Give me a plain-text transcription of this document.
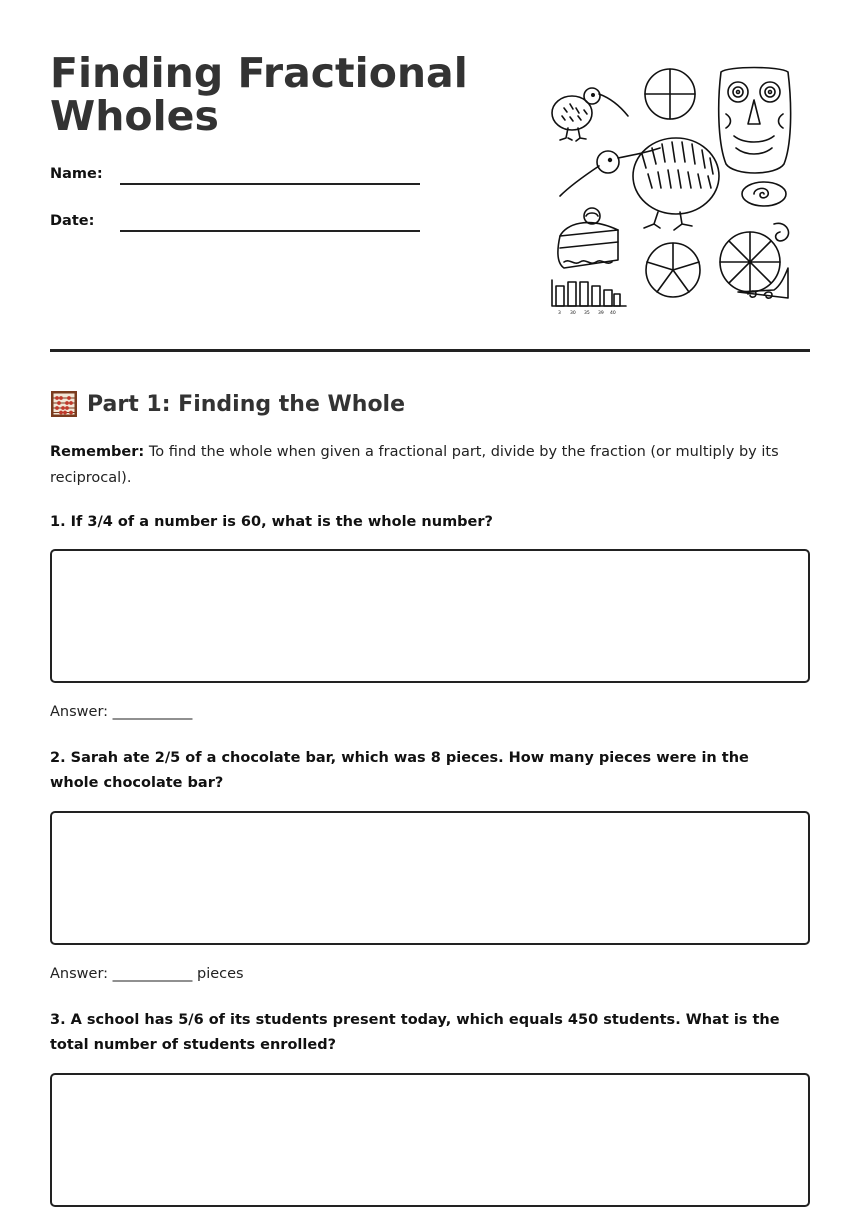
Finding Fractional
Wholes
Name:
Date:
3 30 35 39 40
Part 1: Finding the Whole

Remember: To find the whole when given a fractional part, divide by the fraction (or multiply by its reciprocal).

1. If 3/4 of a number is 60, what is the whole number?

Answer: ___________

2. Sarah ate 2/5 of a chocolate bar, which was 8 pieces. How many pieces were in the whole chocolate bar?

Answer: ___________ pieces

3. A school has 5/6 of its students present today, which equals 450 students. What is the total number of students enrolled?
